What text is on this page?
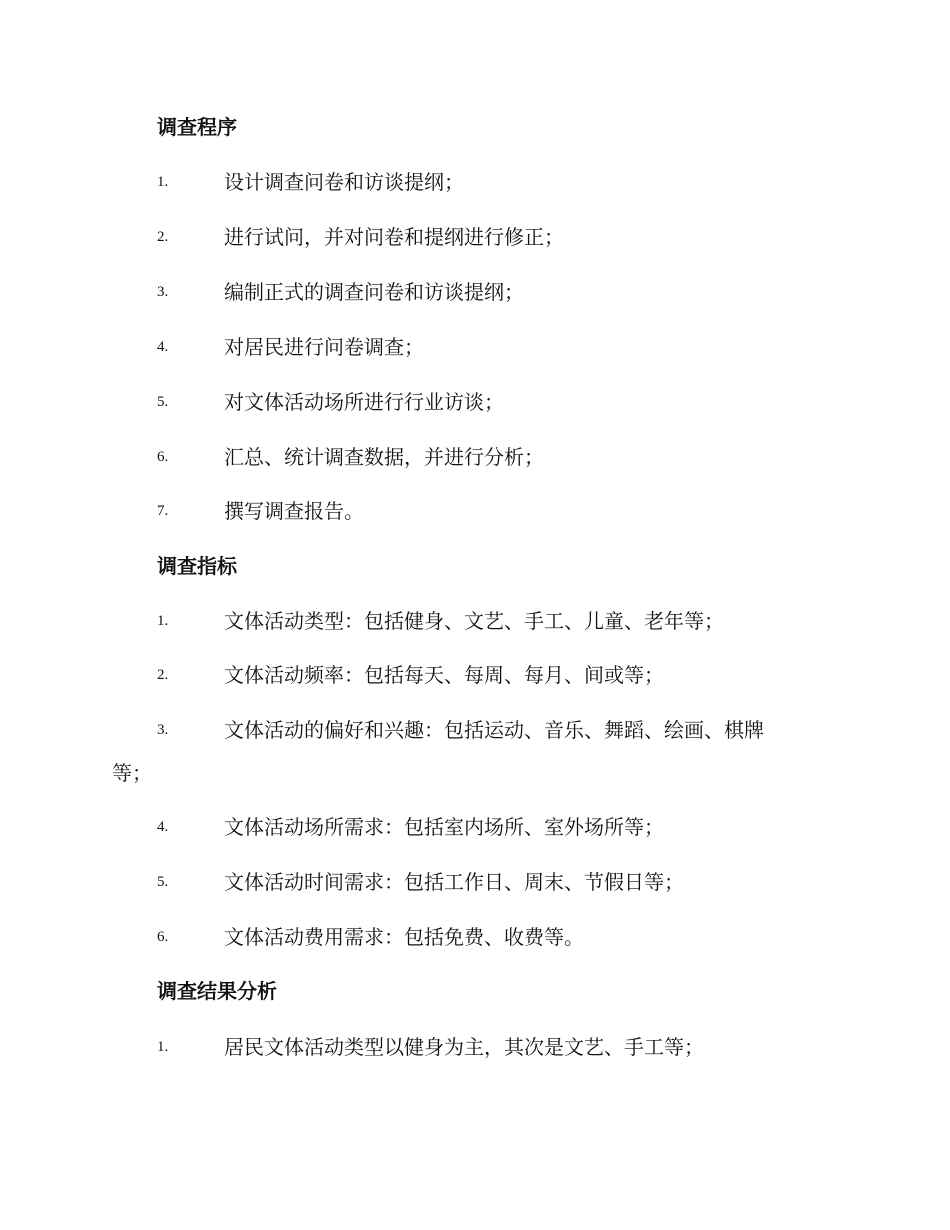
调查程序
1.	设计调查问卷和访谈提纲；
2.	进行试问，并对问卷和提纲进行修正；
3.	编制正式的调查问卷和访谈提纲；
4.	对居民进行问卷调查；
5.	对文体活动场所进行行业访谈；
6.	汇总、统计调查数据，并进行分析；
7.	撰写调查报告。
调查指标
1.	文体活动类型：包括健身、文艺、手工、儿童、老年等；
2.	文体活动频率：包括每天、每周、每月、间或等；
3.	文体活动的偏好和兴趣：包括运动、音乐、舞蹈、绘画、棋牌
等；
4.	文体活动场所需求：包括室内场所、室外场所等；
5.	文体活动时间需求：包括工作日、周末、节假日等；
6.	文体活动费用需求：包括免费、收费等。
调查结果分析
1.	居民文体活动类型以健身为主，其次是文艺、手工等；
